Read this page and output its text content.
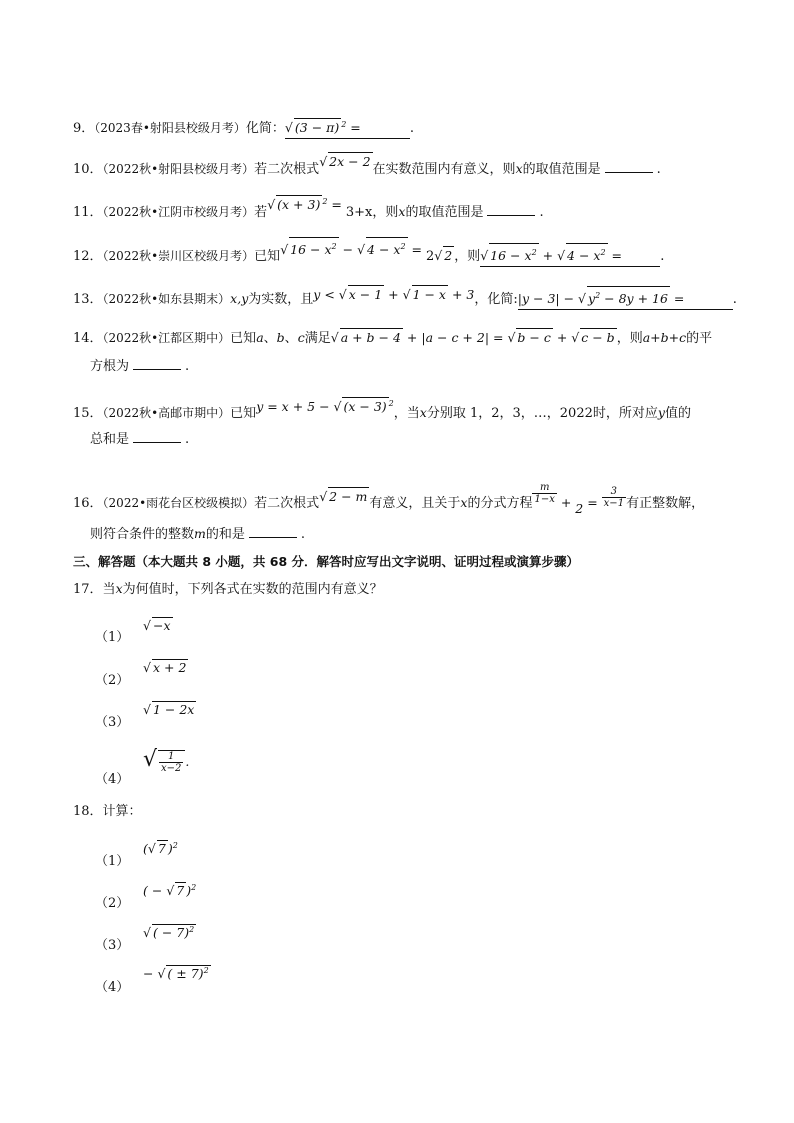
9．（2023春•射阳县校级月考）化简：√ (3 − π) $^2$ =	.
10．（2022秋•射阳县校级月考）若二次根式√ 2x − 2在实数范围内有意义，则x的取值范围是	.
11．（2022秋•江阴市校级月考）若√ (x + 3) $^2$ = 3+x，则x的取值范围是	.
12．（2022秋•崇川区校级月考）已知√ $16 - x^2$ − √ $4 - x^2 = 2√$ 2 ，则√ $16 - x^2$ + √ $4 - x^2$ =	.
13．（2022秋•如东县期末）x,y为实数，且y < √ x − 1 + √ 1 − x + 3，化简:|y − 3| − √ $y^2 - 8y + 16$ =	.
14．（2022秋•江都区期中）已知a、b、c满足√ a + b − 4 + |a − c + 2| = √ b − c + √ c − b ，则a+b+c的平
方根为	.
15．（2022秋•高邮市期中）已知y = x + 5 − √ (x − 3) $^2$，当x分别取 1，2，3，…，2022时，所对应y值的
总和是	.
16．（2022•雨花台区校级模拟）若二次根式√ 2 − m 有意义，且关于x的分式方程 $\frac{m}{1-x} + 2 = \frac{3}{x-1}$ 有正整数解，
则符合条件的整数m的和是	.
三、解答题（本大题共 8 小题，共 68 分．解答时应写出文字说明、证明过程或演算步骤）
17．当x为何值时，下列各式在实数的范围内有意义？
（1）
√ −x
（2）
√ x + 2
（3）
√ 1 − 2x
（4）
√ $\frac{1}{x-2}$ .
18．计算：
（1）
(√ 7 )$^2$
（2）
( − √ 7 )$^2$
（3）
√ ( − 7)$^2$
（4）
− √ ( ± 7)$^2$
